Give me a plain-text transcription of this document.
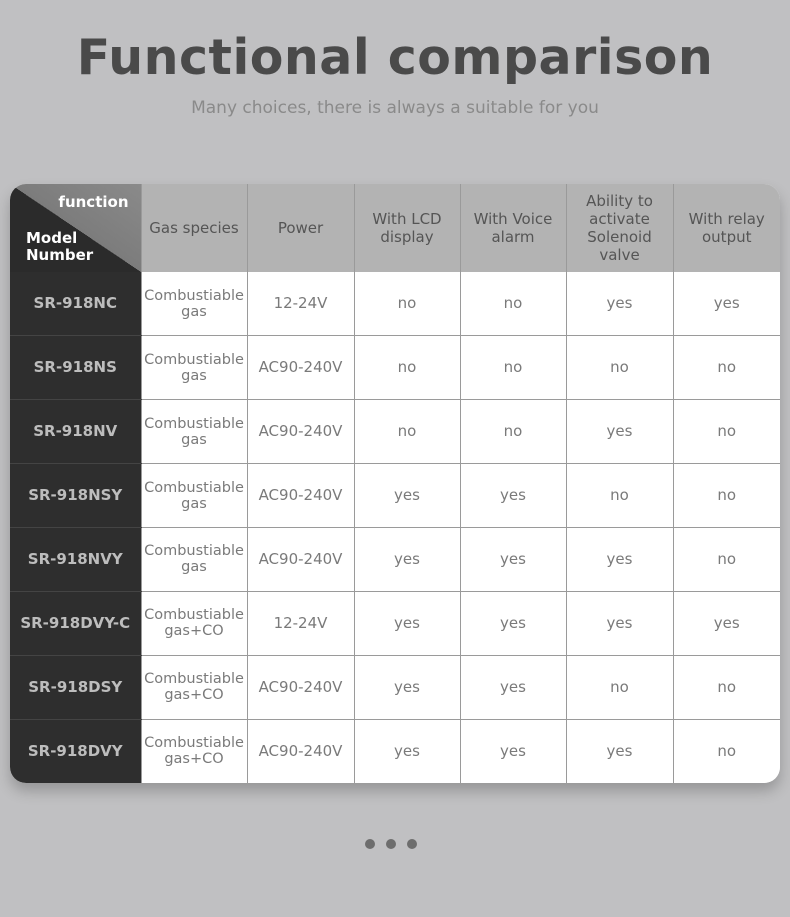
Functional comparison
Many choices, there is always a suitable for you
function
Model Number	Gas species	Power	With LCD display	With Voice alarm	Ability to activate Solenoid valve	With relay output
SR-918NC	Combustiable gas	12-24V	no	no	yes	yes
SR-918NS	Combustiable gas	AC90-240V	no	no	no	no
SR-918NV	Combustiable gas	AC90-240V	no	no	yes	no
SR-918NSY	Combustiable gas	AC90-240V	yes	yes	no	no
SR-918NVY	Combustiable gas	AC90-240V	yes	yes	yes	no
SR-918DVY-C	Combustiable gas+CO	12-24V	yes	yes	yes	yes
SR-918DSY	Combustiable gas+CO	AC90-240V	yes	yes	no	no
SR-918DVY	Combustiable gas+CO	AC90-240V	yes	yes	yes	no
